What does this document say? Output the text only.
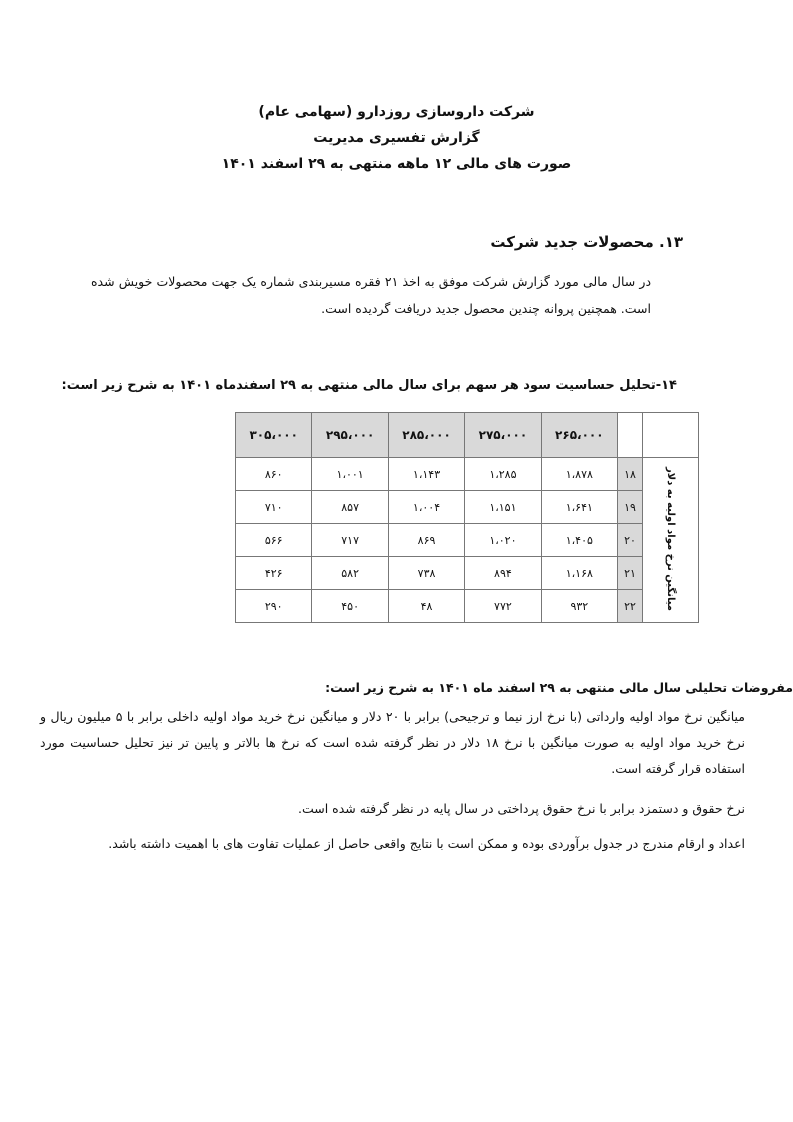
شرکت داروسازی روزدارو (سهامی عام)
گزارش تفسیری مدیریت
صورت های مالی ۱۲ ماهه منتهی به ۲۹ اسفند ۱۴۰۱
۱۳. محصولات جدید شرکت
در سال مالی مورد گزارش شرکت موفق به اخذ ۲۱ فقره مسیربندی شماره یک جهت محصولات خویش شده است. همچنین پروانه چندین محصول جدید دریافت گردیده است.
۱۴-تحلیل حساسیت سود هر سهم برای سال مالی منتهی به ۲۹ اسفندماه ۱۴۰۱ به شرح زیر است:
		۲۶۵،۰۰۰	۲۷۵،۰۰۰	۲۸۵،۰۰۰	۲۹۵،۰۰۰	۳۰۵،۰۰۰
میانگین نرخ مواد اولیه به دلار	۱۸	۱،۸۷۸	۱،۲۸۵	۱،۱۴۳	۱،۰۰۱	۸۶۰
	۱۹	۱،۶۴۱	۱،۱۵۱	۱،۰۰۴	۸۵۷	۷۱۰
	۲۰	۱،۴۰۵	۱،۰۲۰	۸۶۹	۷۱۷	۵۶۶
	۲۱	۱،۱۶۸	۸۹۴	۷۳۸	۵۸۲	۴۲۶
	۲۲	۹۳۲	۷۷۲	۴۸	۴۵۰	۲۹۰
مفروضات تحلیلی سال مالی منتهی به ۲۹ اسفند ماه ۱۴۰۱ به شرح زیر است:
میانگین نرخ مواد اولیه وارداتی (با نرخ ارز نیما و ترجیحی) برابر با ۲۰ دلار و میانگین نرخ خرید مواد اولیه داخلی برابر با ۵ میلیون ریال و نرخ خرید مواد اولیه به صورت میانگین با نرخ ۱۸ دلار در نظر گرفته شده است که نرخ ها بالاتر و پایین تر نیز تحلیل حساسیت مورد استفاده قرار گرفته است.
نرخ حقوق و دستمزد برابر با نرخ حقوق پرداختی در سال پایه در نظر گرفته شده است.
اعداد و ارقام مندرج در جدول برآوردی بوده و ممکن است با نتایج واقعی حاصل از عملیات تفاوت های با اهمیت داشته باشد.
